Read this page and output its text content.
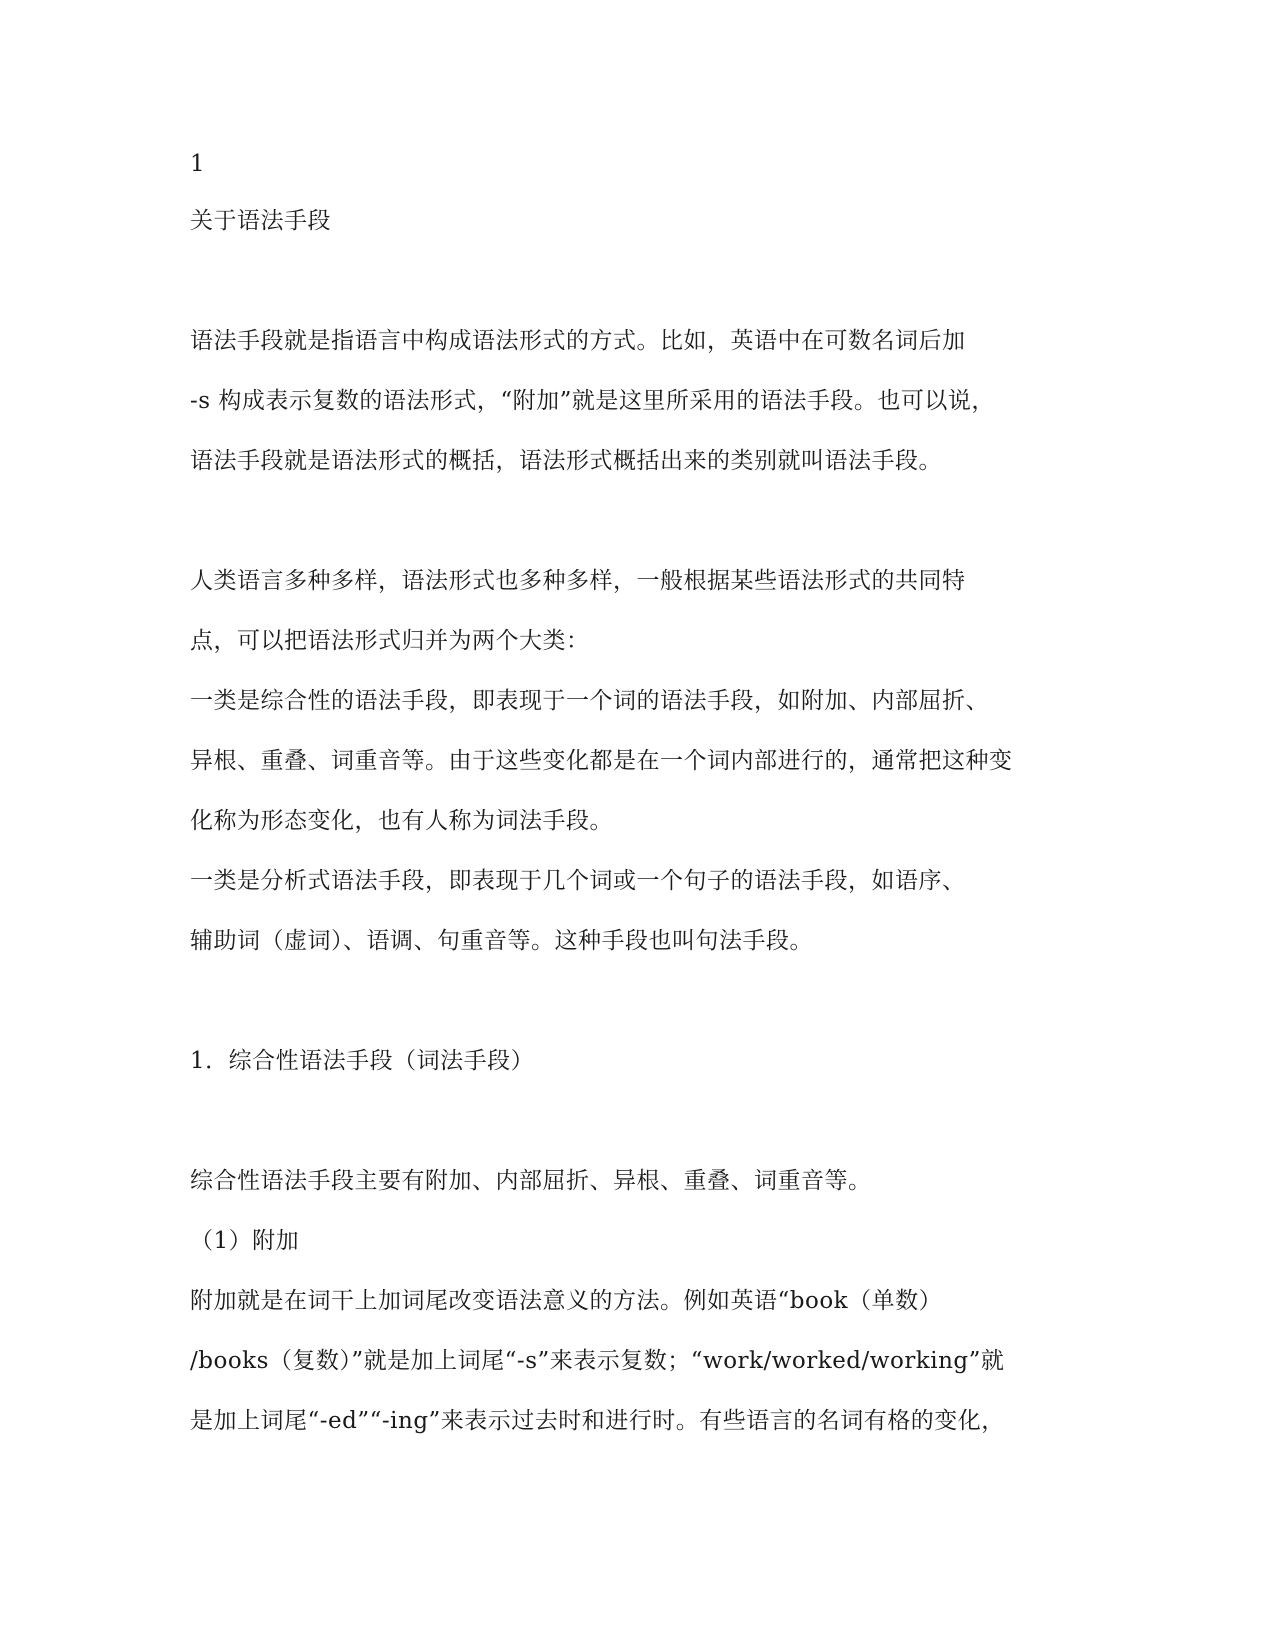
1
关于语法手段
语法手段就是指语言中构成语法形式的方式。比如，英语中在可数名词后加
-s 构成表示复数的语法形式，“附加”就是这里所采用的语法手段。也可以说，
语法手段就是语法形式的概括，语法形式概括出来的类别就叫语法手段。
人类语言多种多样，语法形式也多种多样，一般根据某些语法形式的共同特
点，可以把语法形式归并为两个大类：
一类是综合性的语法手段，即表现于一个词的语法手段，如附加、内部屈折、
异根、重叠、词重音等。由于这些变化都是在一个词内部进行的，通常把这种变
化称为形态变化，也有人称为词法手段。
一类是分析式语法手段，即表现于几个词或一个句子的语法手段，如语序、
辅助词（虚词）、语调、句重音等。这种手段也叫句法手段。
1．综合性语法手段（词法手段）
综合性语法手段主要有附加、内部屈折、异根、重叠、词重音等。
（1）附加
附加就是在词干上加词尾改变语法意义的方法。例如英语“book（单数）
/books（复数）”就是加上词尾“-s”来表示复数；“work/worked/working”就
是加上词尾“-ed”“-ing”来表示过去时和进行时。有些语言的名词有格的变化，
